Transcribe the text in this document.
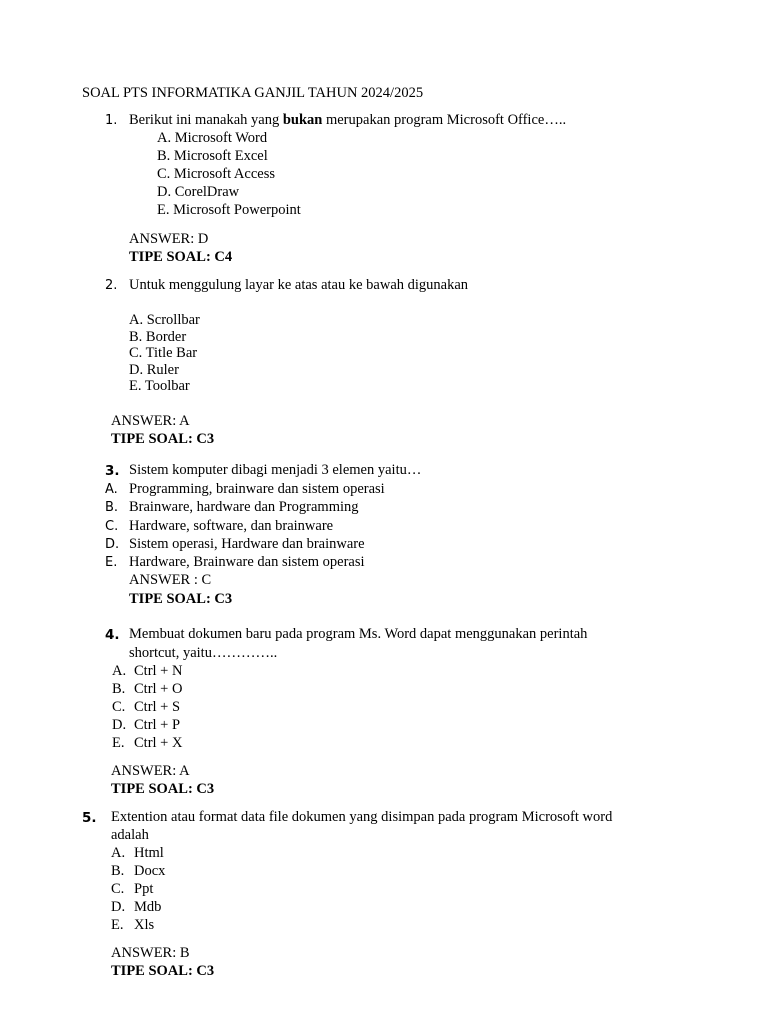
SOAL PTS INFORMATIKA GANJIL TAHUN 2024/2025
1. Berikut ini manakah yang bukan merupakan program Microsoft Office…..
A. Microsoft Word
B. Microsoft Excel
C. Microsoft Access
D. CorelDraw
E. Microsoft Powerpoint
ANSWER: D
TIPE SOAL: C4
2. Untuk menggulung layar ke atas atau ke bawah digunakan
A. Scrollbar
B. Border
C. Title Bar
D. Ruler
E. Toolbar
ANSWER: A
TIPE SOAL: C3
3. Sistem komputer dibagi menjadi 3 elemen yaitu…
A. Programming, brainware dan sistem operasi
B. Brainware, hardware dan Programming
C. Hardware, software, dan brainware
D. Sistem operasi, Hardware dan brainware
E. Hardware, Brainware dan sistem operasi
ANSWER : C
TIPE SOAL: C3
4. Membuat dokumen baru pada program Ms. Word dapat menggunakan perintah
shortcut, yaitu…………..
A. Ctrl + N
B. Ctrl + O
C. Ctrl + S
D. Ctrl + P
E. Ctrl + X
ANSWER: A
TIPE SOAL: C3
5. Extention atau format data file dokumen yang disimpan pada program Microsoft word
adalah
A. Html
B. Docx
C. Ppt
D. Mdb
E. Xls
ANSWER: B
TIPE SOAL: C3
